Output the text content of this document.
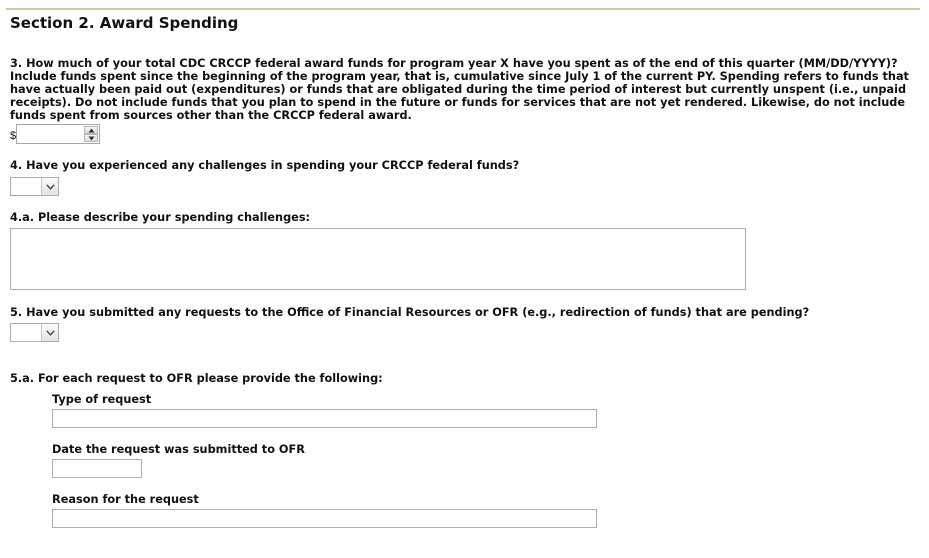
Section 2. Award Spending
3. How much of your total CDC CRCCP federal award funds for program year X have you spent as of the end of this quarter (MM/DD/YYYY)? Include funds spent since the beginning of the program year, that is, cumulative since July 1 of the current PY. Spending refers to funds that have actually been paid out (expenditures) or funds that are obligated during the time period of interest but currently unspent (i.e., unpaid receipts). Do not include funds that you plan to spend in the future or funds for services that are not yet rendered. Likewise, do not include funds spent from sources other than the CRCCP federal award.
$
4. Have you experienced any challenges in spending your CRCCP federal funds?
4.a. Please describe your spending challenges:
5. Have you submitted any requests to the Office of Financial Resources or OFR (e.g., redirection of funds) that are pending?
5.a. For each request to OFR please provide the following:
Type of request
Date the request was submitted to OFR
Reason for the request
